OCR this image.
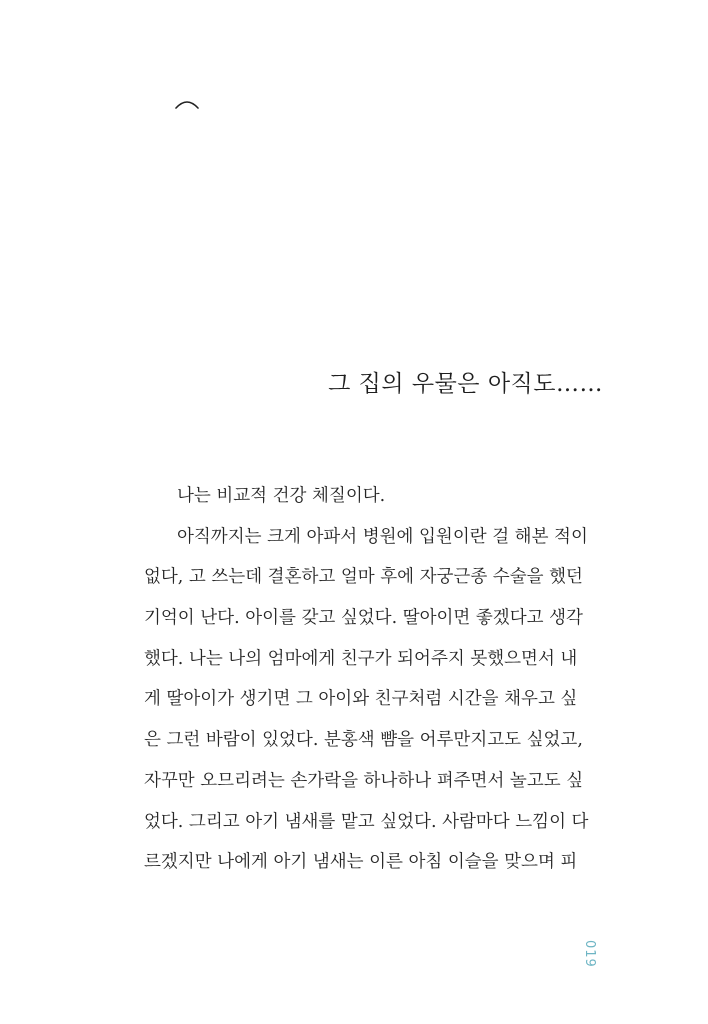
그 집의 우물은 아직도……
나는 비교적 건강 체질이다.
아직까지는 크게 아파서 병원에 입원이란 걸 해본 적이
없다, 고 쓰는데 결혼하고 얼마 후에 자궁근종 수술을 했던
기억이 난다. 아이를 갖고 싶었다. 딸아이면 좋겠다고 생각
했다. 나는 나의 엄마에게 친구가 되어주지 못했으면서 내
게 딸아이가 생기면 그 아이와 친구처럼 시간을 채우고 싶
은 그런 바람이 있었다. 분홍색 뺨을 어루만지고도 싶었고,
자꾸만 오므리려는 손가락을 하나하나 펴주면서 놀고도 싶
었다. 그리고 아기 냄새를 맡고 싶었다. 사람마다 느낌이 다
르겠지만 나에게 아기 냄새는 이른 아침 이슬을 맞으며 피
019
